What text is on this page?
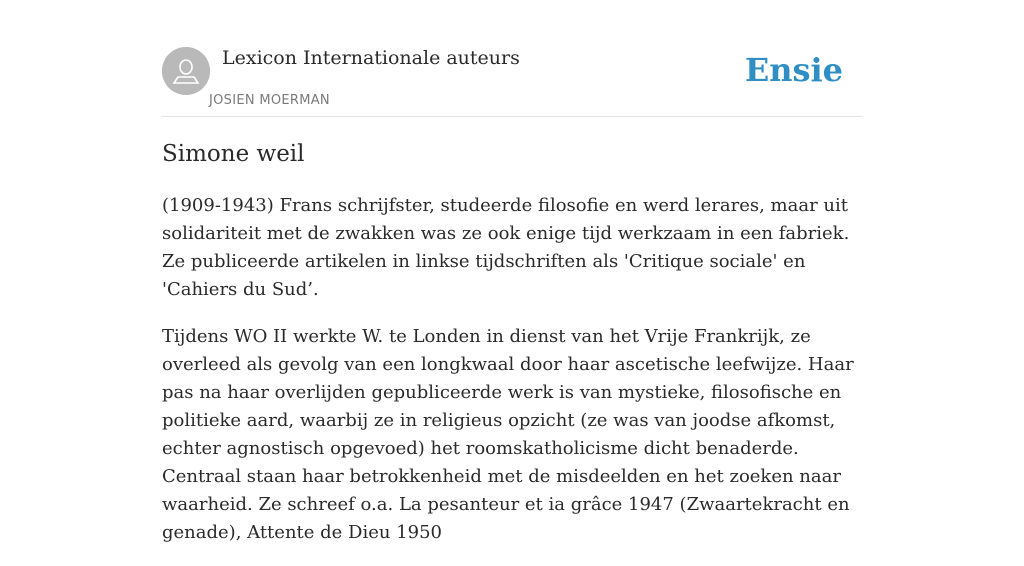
Lexicon Internationale auteurs
JOSIEN MOERMAN
Ensie
Simone weil

(1909-1943) Frans schrijfster, studeerde filosofie en werd lerares, maar uit solidariteit met de zwakken was ze ook enige tijd werkzaam in een fabriek. Ze publiceerde artikelen in linkse tijdschriften als 'Critique sociale' en 'Cahiers du Sud’.

Tijdens WO II werkte W. te Londen in dienst van het Vrije Frankrijk, ze overleed als gevolg van een longkwaal door haar ascetische leefwijze. Haar pas na haar overlijden gepubliceerde werk is van mystieke, filosofische en politieke aard, waarbij ze in religieus opzicht (ze was van joodse afkomst, echter agnostisch opgevoed) het roomskatholicisme dicht benaderde. Centraal staan haar betrokkenheid met de misdeelden en het zoeken naar waarheid. Ze schreef o.a. La pesanteur et ia grâce 1947 (Zwaartekracht en genade), Attente de Dieu 1950
